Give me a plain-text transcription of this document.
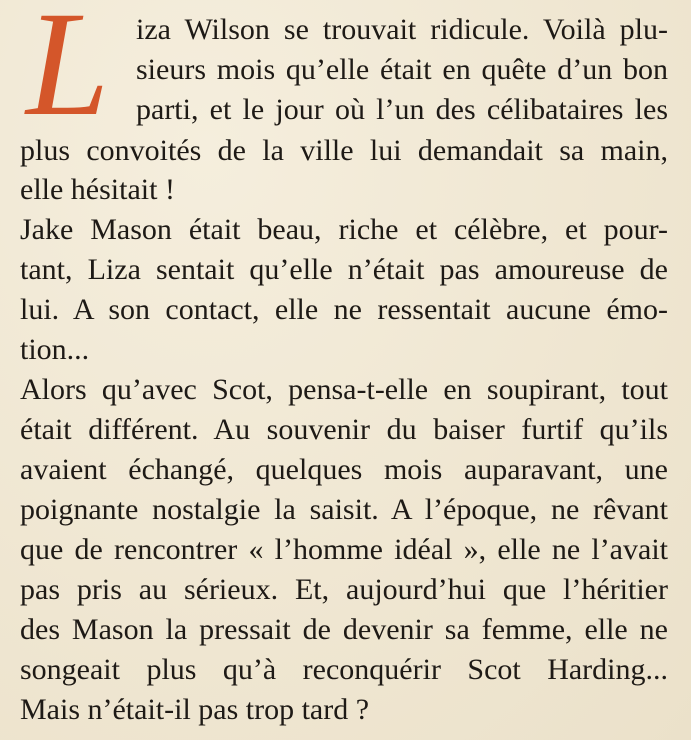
L iza Wilson se trouvait ridicule. Voilà plu-
sieurs mois qu’elle était en quête d’un bon
parti, et le jour où l’un des célibataires les
plus convoités de la ville lui demandait sa main,
elle hésitait !
Jake Mason était beau, riche et célèbre, et pour-
tant, Liza sentait qu’elle n’était pas amoureuse de
lui. A son contact, elle ne ressentait aucune émo-
tion...
Alors qu’avec Scot, pensa-t-elle en soupirant, tout
était différent. Au souvenir du baiser furtif qu’ils
avaient échangé, quelques mois auparavant, une
poignante nostalgie la saisit. A l’époque, ne rêvant
que de rencontrer « l’homme idéal », elle ne l’avait
pas pris au sérieux. Et, aujourd’hui que l’héritier
des Mason la pressait de devenir sa femme, elle ne
songeait plus qu’à reconquérir Scot Harding...
Mais n’était-il pas trop tard ?
